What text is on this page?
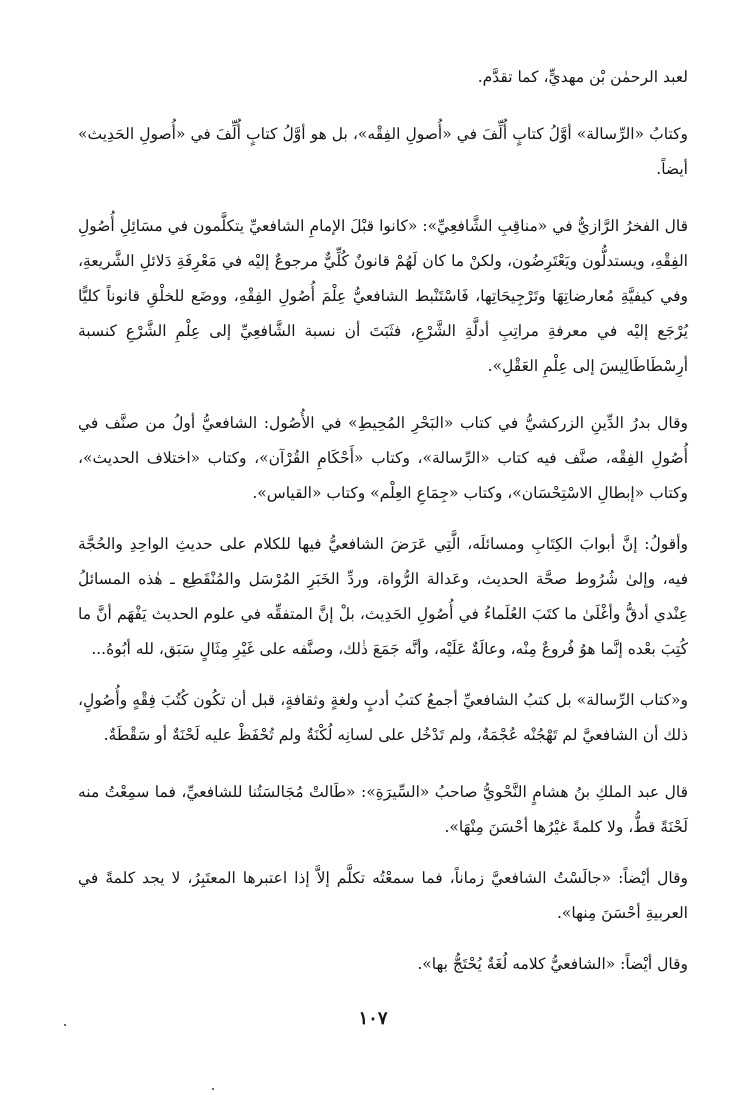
لعبد الرحمٰن بْن مهديٍّ، كما تقدَّم.

وكتابُ «الرِّسالة» أوَّلُ كتابٍ أُلِّفَ في «أُصولِ الفِقْه»، بل هو أوَّلُ كتابٍ أُلِّفَ في «أُصولِ الحَدِيث» أيضاً.

قال الفخرُ الرَّازيُّ في «مناقِبِ الشَّافعِيِّ»: «كانوا قبْلَ الإمامِ الشافعيِّ يتكلَّمون في مسَائِلِ أُصُولِ الفِقْهِ، ويستدلُّون ويَعْتَرِضُون، ولكنْ ما كان لَهُمْ قانونٌ كُلِّيٌّ مرجوعٌ إليْه في مَعْرِفَةِ دَلائلِ الشَّريعةِ، وفي كيفيَّةِ مُعارضاتِهَا وتَرْجِيحَاتِها، فَاسْتَنْبط الشافعيُّ عِلْمَ أُصُولِ الفِقْهِ، ووضَع للخلْقِ قانوناً كليًّا يُرْجَع إليْه في معرفةِ مراتِبِ أدلَّةِ الشَّرْعِ، فثَبَتَ أن نسبة الشَّافعِيِّ إلى عِلْمِ الشَّرْعِ كنسبة أرِسْطَاطَالِيسَ إلى عِلْمِ العَقْلِ».

وقال بدرُ الدِّينِ الزركشيُّ في كتاب «البَحْرِ المُحِيطِ» في الأُصُول: الشافعيُّ أولُ من صنَّف في أُصُولِ الفِقْه، صنَّف فيه كتاب «الرِّسالة»، وكتاب «أَحْكَامِ القُرْآن»، وكتاب «اختلاف الحديث»، وكتاب «إبطالِ الاسْتِحْسَان»، وكتاب «جِمَاعِ العِلْم» وكتاب «القياس».

وأقولُ: إنَّ أبوابَ الكِتَابِ ومسائلَه، الَّتِي عَرَضَ الشافعيُّ فيها للكلام على حديثِ الواحِدِ والحُجَّة فيه، وإلىٰ شُرُوط صحَّة الحديث، وعَدالة الرُّواة، وردِّ الخَبَرِ المُرْسَل والمُنْقَطِع ـ هٰذه المسائلُ عِنْدي أدقُّ وأغْلَىٰ ما كتَبَ العُلَماءُ في أُصُولِ الحَدِيث، بلْ إنَّ المتفقِّه في علوم الحديث يَفْهَم أنَّ ما كُتِبَ بعْده إنَّما هوُ فُروعٌ مِنْه، وعالَةٌ عَلَيْه، وأنَّه جَمَعَ ذٰلك، وصنَّفه على غَيْرِ مِثَالٍ سَبَق، لله أبُوهُ...

و«كتاب الرِّسالة» بل كتبُ الشافعيِّ أجمعُ كتبُ أدبٍ ولغةٍ وثقافةٍ، قبل أن تكُون كُتُبَ فِقْهٍ وأُصُولٍ، ذلك أن الشافعيَّ لم تَهْجُنْه عُجْمَةٌ، ولم تَدْخُل على لسانِه لُكْنَةٌ ولم تُحْفَظْ عليه لَحْنَةٌ أو سَقْطَةٌ.

قال عبد الملكِ بنُ هشامٍ النَّحْويُّ صاحبُ «السِّيرَةِ»: «طَالتْ مُجَالسَتُنا للشافعيِّ، فما سمِعْتُ منه لَحْنَةً قطُّ، ولا كلمةً غيْرُها أحْسَنَ مِنْهَا».

وقال أيْضاً: «جالَسْتُ الشافعيَّ زماناً، فما سمعْتُه تكلَّم إلاَّ إذا اعتبرها المعتَبِرُ، لا يجد كلمةً في العربيةِ أحْسَنَ مِنها».

وقال أيْضاً: «الشافعيُّ كلامه لُغَةٌ يُحْتَجُّ بها».

١٠٧
